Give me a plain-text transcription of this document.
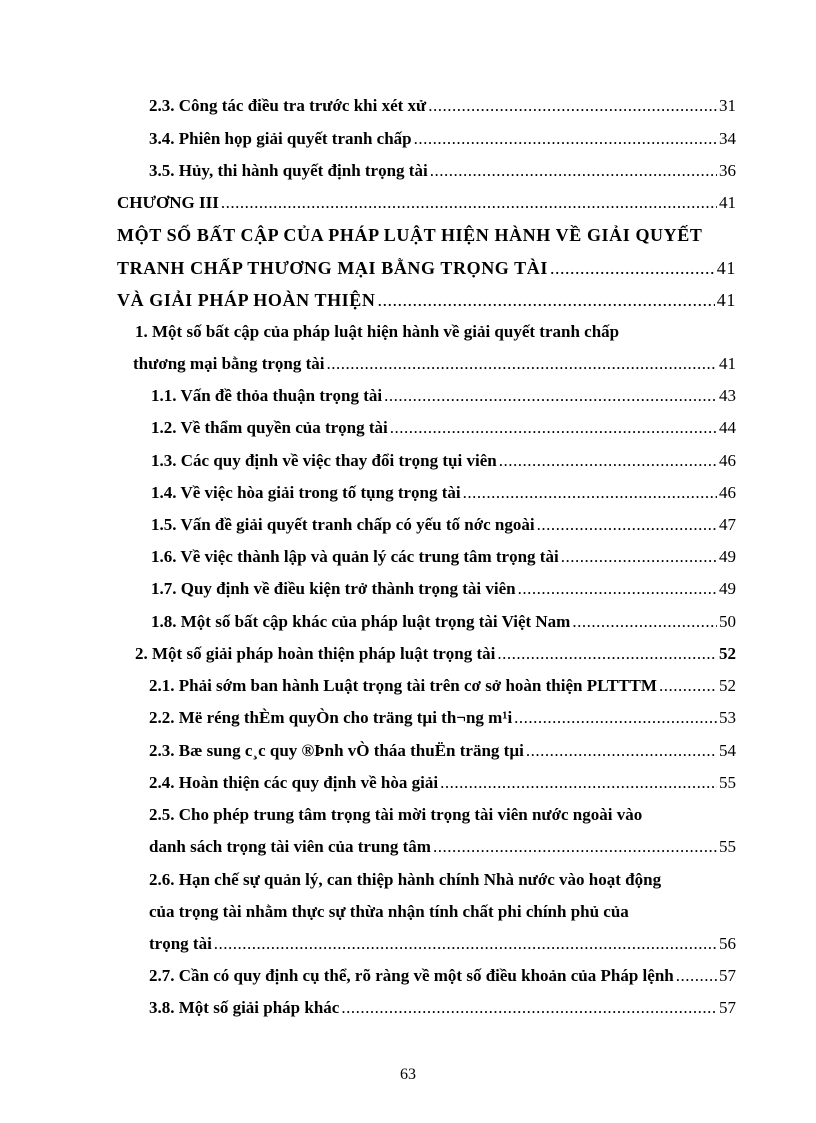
2.3. Công tác điều tra trước khi xét xử .....	31
3.4. Phiên họp giải quyết tranh chấp .....	34
3.5. Hủy, thi hành quyết định trọng tài .....	36
CHƯƠNG III .....	41
MỘT SỐ BẤT CẬP CỦA PHÁP LUẬT HIỆN HÀNH VỀ GIẢI QUYẾT
TRANH CHẤP THƯƠNG MẠI BẰNG TRỌNG TÀI .....	41
VÀ GIẢI PHÁP HOÀN THIỆN .....	41
1. Một số bất cập của pháp luật hiện hành về giải quyết tranh chấp
thương mại bằng trọng tài .....	41
1.1. Vấn đề thỏa thuận trọng tài .....	43
1.2. Về thẩm quyền của trọng tài .....	44
1.3. Các quy định về việc thay đổi trọng tụi viên .....	46
1.4. Về việc hòa giải trong tố tụng trọng tài .....	46
1.5. Vấn đề giải quyết tranh chấp có yếu tố nớc ngoài .....	47
1.6. Về việc thành lập và quản lý các trung tâm trọng tài .....	49
1.7. Quy định về điều kiện trở thành trọng tài viên .....	49
1.8. Một số bất cập khác của pháp luật trọng tài Việt Nam .....	50
2. Một số giải pháp hoàn thiện pháp luật trọng tài .....	52
2.1. Phải sớm ban hành Luật trọng tài trên cơ sở hoàn thiện PLTTTM .....	52
2.2. Më réng thÈm quyÒn cho träng tµi th¬ng m¹i .....	53
2.3. Bæ sung c¸c quy ®Þnh vÒ tháa thuËn träng tµi .....	54
2.4. Hoàn thiện các quy định về hòa giải .....	55
2.5. Cho phép trung tâm trọng tài mời trọng tài viên nước ngoài vào
danh sách trọng tài viên của trung tâm .....	55
2.6. Hạn chế sự quản lý, can thiệp hành chính Nhà nước vào hoạt động
của trọng tài nhằm thực sự thừa nhận tính chất phi chính phủ của
trọng tài .....	56
2.7. Cần có quy định cụ thể, rõ ràng về một số điều khoản của Pháp lệnh .....	57
3.8. Một số giải pháp khác .....	57
63
